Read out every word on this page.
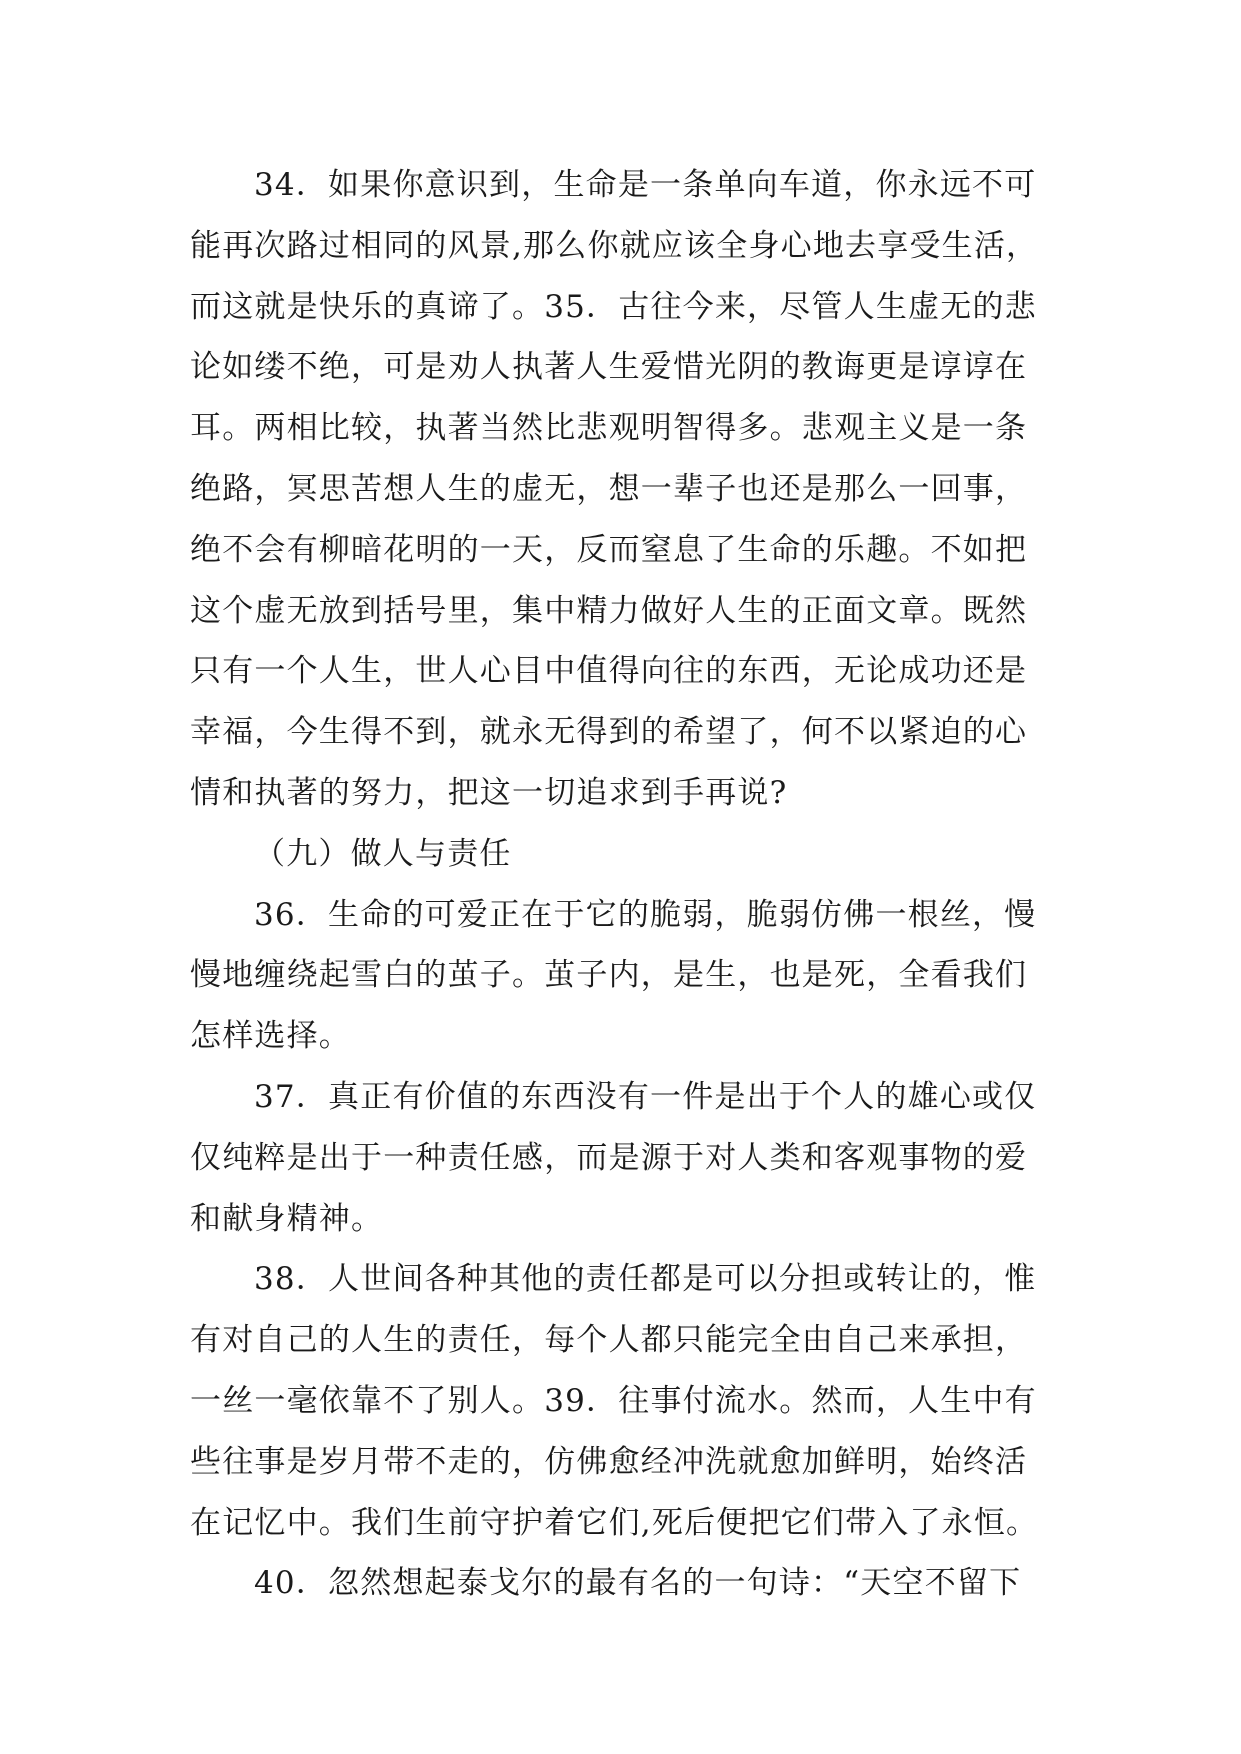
34．如果你意识到，生命是一条单向车道，你永远不可
能再次路过相同的风景,那么你就应该全身心地去享受生活，
而这就是快乐的真谛了。35．古往今来，尽管人生虚无的悲
论如缕不绝，可是劝人执著人生爱惜光阴的教诲更是谆谆在
耳。两相比较，执著当然比悲观明智得多。悲观主义是一条
绝路，冥思苦想人生的虚无，想一辈子也还是那么一回事，
绝不会有柳暗花明的一天，反而窒息了生命的乐趣。不如把
这个虚无放到括号里，集中精力做好人生的正面文章。既然
只有一个人生，世人心目中值得向往的东西，无论成功还是
幸福，今生得不到，就永无得到的希望了，何不以紧迫的心
情和执著的努力，把这一切追求到手再说?
（九）做人与责任
36．生命的可爱正在于它的脆弱，脆弱仿佛一根丝，慢
慢地缠绕起雪白的茧子。茧子内，是生，也是死，全看我们
怎样选择。
37．真正有价值的东西没有一件是出于个人的雄心或仅
仅纯粹是出于一种责任感，而是源于对人类和客观事物的爱
和献身精神。
38．人世间各种其他的责任都是可以分担或转让的，惟
有对自己的人生的责任，每个人都只能完全由自己来承担，
一丝一毫依靠不了别人。39．往事付流水。然而，人生中有
些往事是岁月带不走的，仿佛愈经冲洗就愈加鲜明，始终活
在记忆中。我们生前守护着它们,死后便把它们带入了永恒。
40．忽然想起泰戈尔的最有名的一句诗：“天空不留下
